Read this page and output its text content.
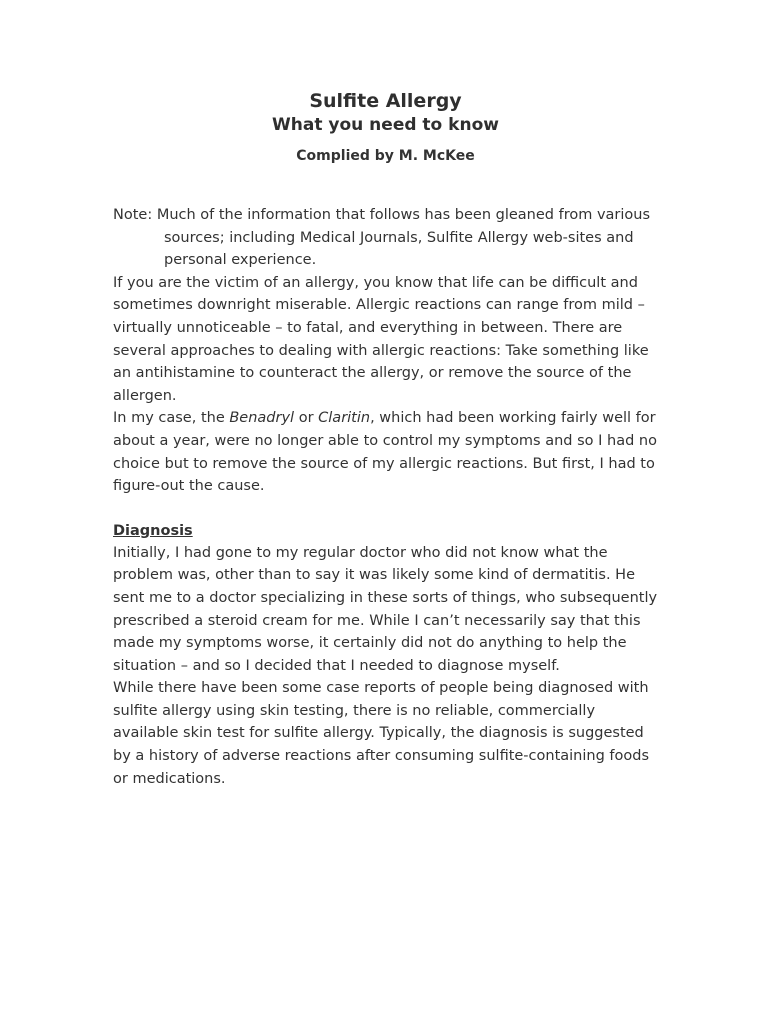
Sulfite Allergy
What you need to know
Complied by M. McKee

Note: Much of the information that follows has been gleaned from various sources; including Medical Journals, Sulfite Allergy web-sites and personal experience.

If you are the victim of an allergy, you know that life can be difficult and sometimes downright miserable. Allergic reactions can range from mild – virtually unnoticeable – to fatal, and everything in between. There are several approaches to dealing with allergic reactions: Take something like an antihistamine to counteract the allergy, or remove the source of the allergen.

In my case, the Benadryl or Claritin, which had been working fairly well for about a year, were no longer able to control my symptoms and so I had no choice but to remove the source of my allergic reactions. But first, I had to figure-out the cause.

Diagnosis

Initially, I had gone to my regular doctor who did not know what the problem was, other than to say it was likely some kind of dermatitis. He sent me to a doctor specializing in these sorts of things, who subsequently prescribed a steroid cream for me. While I can’t necessarily say that this made my symptoms worse, it certainly did not do anything to help the situation – and so I decided that I needed to diagnose myself.

While there have been some case reports of people being diagnosed with sulfite allergy using skin testing, there is no reliable, commercially available skin test for sulfite allergy. Typically, the diagnosis is suggested by a history of adverse reactions after consuming sulfite-containing foods or medications.
